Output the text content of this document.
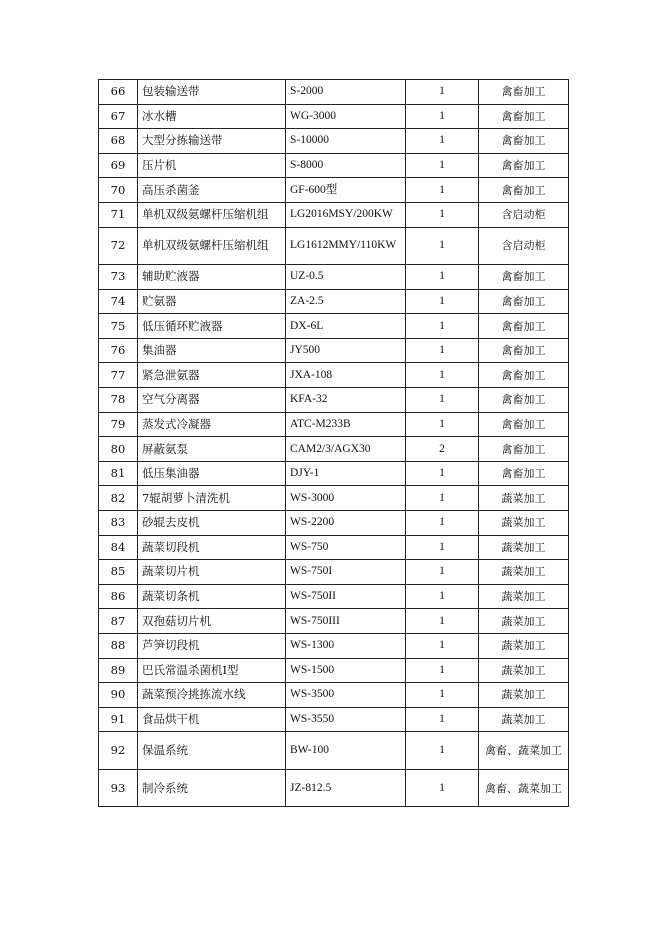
66	包装输送带	S-2000	1	禽畜加工
67	冰水槽	WG-3000	1	禽畜加工
68	大型分拣输送带	S-10000	1	禽畜加工
69	压片机	S-8000	1	禽畜加工
70	高压杀菌釜	GF-600型	1	禽畜加工
71	单机双级氨螺杆压缩机组	LG2016MSY/200KW	1	含启动柜
72	单机双级氨螺杆压缩机组	LG1612MMY/110KW	1	含启动柜
73	辅助贮液器	UZ-0.5	1	禽畜加工
74	贮氨器	ZA-2.5	1	禽畜加工
75	低压循环贮液器	DX-6L	1	禽畜加工
76	集油器	JY500	1	禽畜加工
77	紧急泄氨器	JXA-108	1	禽畜加工
78	空气分离器	KFA-32	1	禽畜加工
79	蒸发式冷凝器	ATC-M233B	1	禽畜加工
80	屏蔽氨泵	CAM2/3/AGX30	2	禽畜加工
81	低压集油器	DJY-1	1	禽畜加工
82	7辊胡萝卜清洗机	WS-3000	1	蔬菜加工
83	砂辊去皮机	WS-2200	1	蔬菜加工
84	蔬菜切段机	WS-750	1	蔬菜加工
85	蔬菜切片机	WS-750I	1	蔬菜加工
86	蔬菜切条机	WS-750II	1	蔬菜加工
87	双孢菇切片机	WS-750III	1	蔬菜加工
88	芦笋切段机	WS-1300	1	蔬菜加工
89	巴氏常温杀菌机Ⅰ型	WS-1500	1	蔬菜加工
90	蔬菜预冷挑拣流水线	WS-3500	1	蔬菜加工
91	食品烘干机	WS-3550	1	蔬菜加工
92	保温系统	BW-100	1	禽畜、蔬菜加工
93	制冷系统	JZ-812.5	1	禽畜、蔬菜加工
